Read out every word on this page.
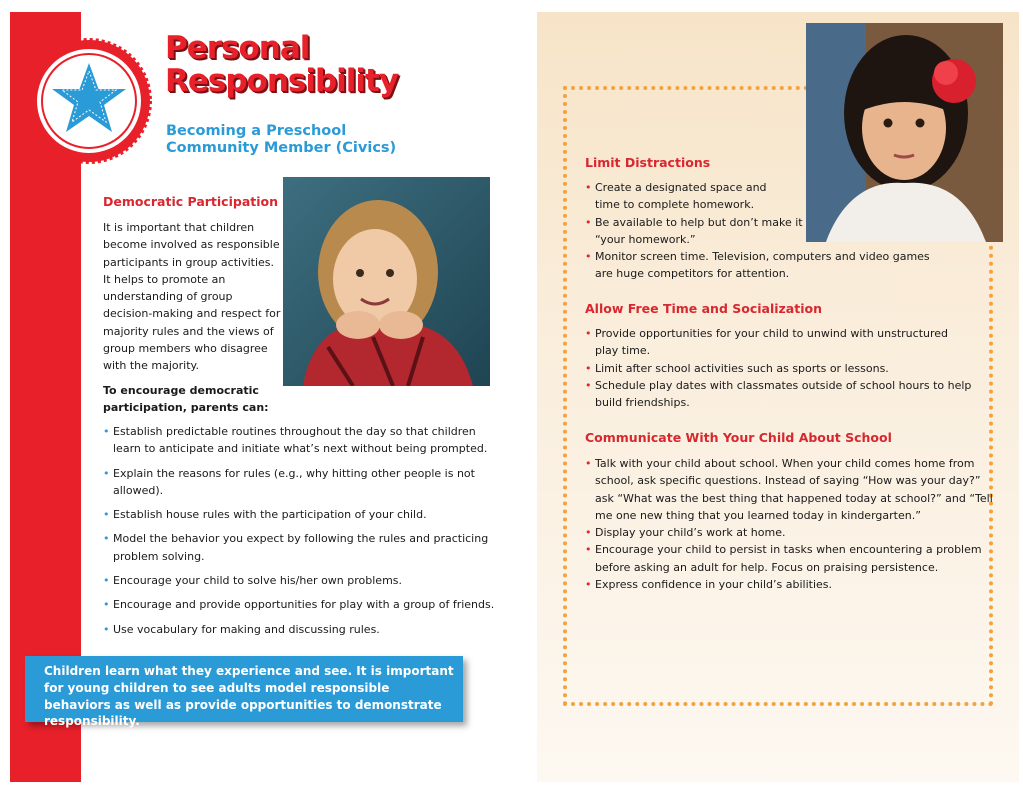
Personal Responsibility
Becoming a Preschool Community Member (Civics)
Democratic Participation
It is important that children become involved as responsible participants in group activities. It helps to promote an understanding of group decision-making and respect for majority rules and the views of group members who disagree with the majority.
To encourage democratic participation, parents can:
• Establish predictable routines throughout the day so that children learn to anticipate and initiate what’s next without being prompted.
• Explain the reasons for rules (e.g., why hitting other people is not allowed).
• Establish house rules with the participation of your child.
• Model the behavior you expect by following the rules and practicing problem solving.
• Encourage your child to solve his/her own problems.
• Encourage and provide opportunities for play with a group of friends.
• Use vocabulary for making and discussing rules.
Children learn what they experience and see. It is important for young children to see adults model responsible behaviors as well as provide opportunities to demonstrate responsibility.
Limit Distractions
• Create a designated space and time to complete homework.
• Be available to help but don’t make it “your homework.”
• Monitor screen time. Television, computers and video games are huge competitors for attention.
Allow Free Time and Socialization
• Provide opportunities for your child to unwind with unstructured play time.
• Limit after school activities such as sports or lessons.
• Schedule play dates with classmates outside of school hours to help build friendships.
Communicate With Your Child About School
• Talk with your child about school. When your child comes home from school, ask specific questions. Instead of saying “How was your day?” ask “What was the best thing that happened today at school?” and “Tell me one new thing that you learned today in kindergarten.”
• Display your child’s work at home.
• Encourage your child to persist in tasks when encountering a problem before asking an adult for help. Focus on praising persistence.
• Express confidence in your child’s abilities.
